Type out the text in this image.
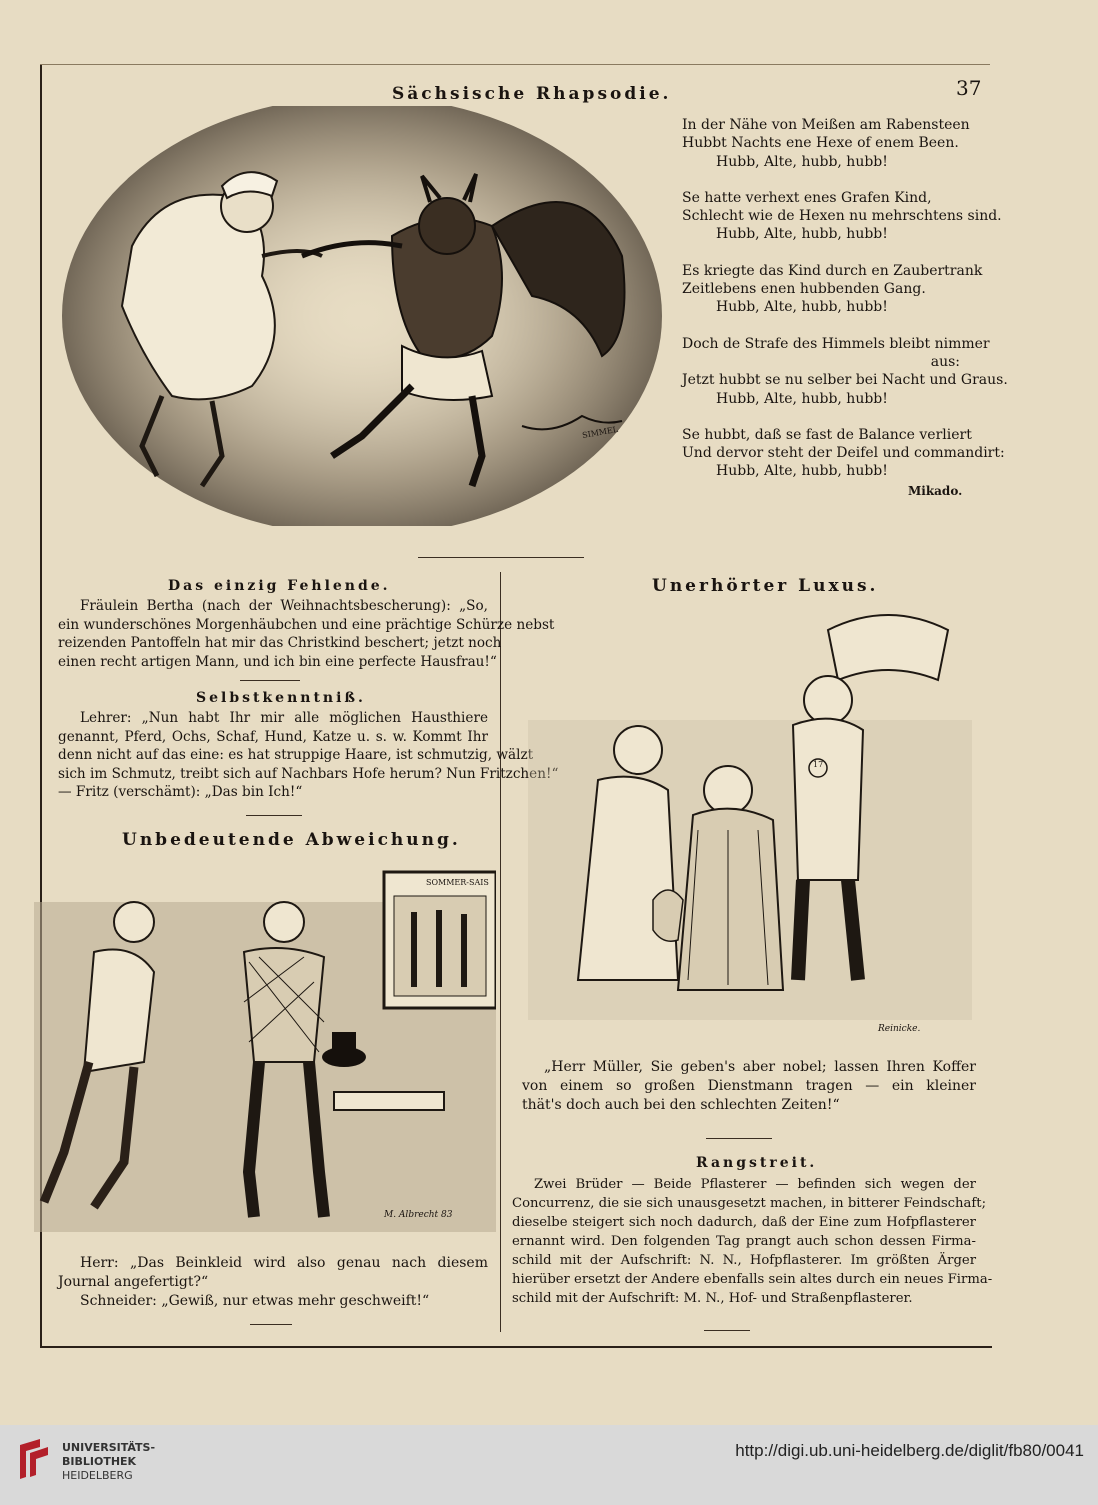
37
Sächsische Rhapsodie.
SIMMEL
In der Nähe von Meißen am Rabensteen
Hubbt Nachts ene Hexe of enem Been.
Hubb, Alte, hubb, hubb!
Se hatte verhext enes Grafen Kind,
Schlecht wie de Hexen nu mehrschtens sind.
Hubb, Alte, hubb, hubb!
Es kriegte das Kind durch en Zaubertrank
Zeitlebens enen hubbenden Gang.
Hubb, Alte, hubb, hubb!
Doch de Strafe des Himmels bleibt nimmer
aus:
Jetzt hubbt se nu selber bei Nacht und Graus.
Hubb, Alte, hubb, hubb!
Se hubbt, daß se fast de Balance verliert
Und dervor steht der Deifel und commandirt:
Hubb, Alte, hubb, hubb!
Mikado.
Das einzig Fehlende.
Fräulein Bertha (nach der Weihnachtsbescherung): „So,
ein wunderschönes Morgenhäubchen und eine prächtige Schürze nebst
reizenden Pantoffeln hat mir das Christkind beschert; jetzt noch
einen recht artigen Mann, und ich bin eine perfecte Hausfrau!“
Selbstkenntniß.
Lehrer: „Nun habt Ihr mir alle möglichen Hausthiere
genannt, Pferd, Ochs, Schaf, Hund, Katze u. s. w. Kommt Ihr
denn nicht auf das eine: es hat struppige Haare, ist schmutzig, wälzt
sich im Schmutz, treibt sich auf Nachbars Hofe herum? Nun Fritzchen!“
— Fritz (verschämt): „Das bin Ich!“
Unbedeutende Abweichung.
SOMMER-SAIS
M. Albrecht 83
Herr: „Das Beinkleid wird also genau nach diesem
Journal angefertigt?“
Schneider: „Gewiß, nur etwas mehr geschweift!“
Unerhörter Luxus.
17
Reinicke.
„Herr Müller, Sie geben's aber nobel; lassen Ihren Koffer
von einem so großen Dienstmann tragen — ein kleiner
thät's doch auch bei den schlechten Zeiten!“
Rangstreit.
Zwei Brüder — Beide Pflasterer — befinden sich wegen der
Concurrenz, die sie sich unausgesetzt machen, in bitterer Feindschaft;
dieselbe steigert sich noch dadurch, daß der Eine zum Hofpflasterer
ernannt wird. Den folgenden Tag prangt auch schon dessen Firma-
schild mit der Aufschrift: N. N., Hofpflasterer. Im größten Ärger
hierüber ersetzt der Andere ebenfalls sein altes durch ein neues Firma-
schild mit der Aufschrift: M. N., Hof- und Straßenpflasterer.
UNIVERSITÄTS-
BIBLIOTHEK
HEIDELBERG
http://digi.ub.uni-heidelberg.de/diglit/fb80/0041
